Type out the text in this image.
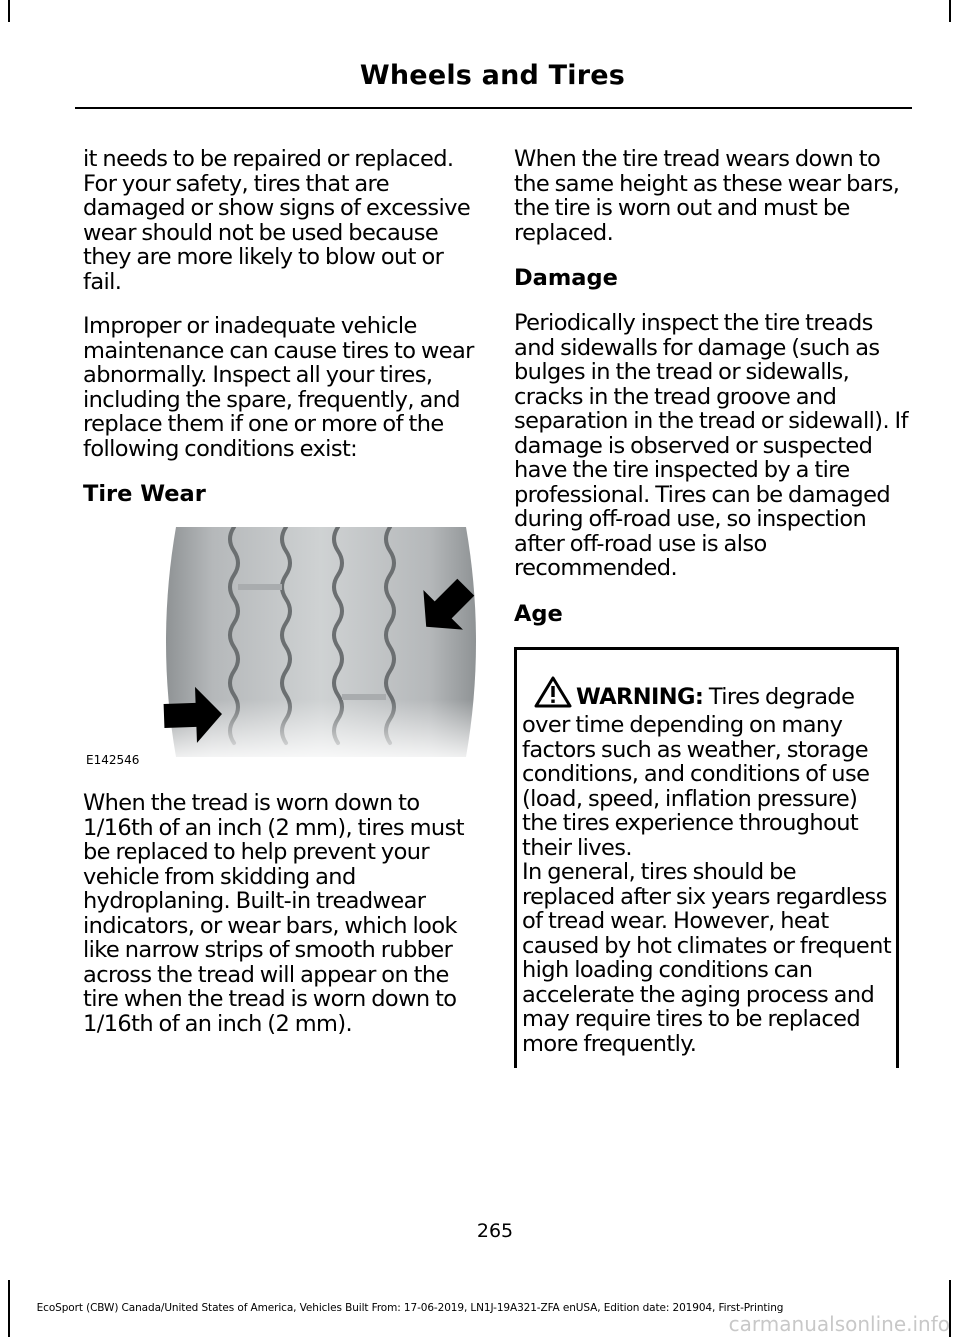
Wheels and Tires

it needs to be repaired or replaced. For your safety, tires that are damaged or show signs of excessive wear should not be used because they are more likely to blow out or fail.

Improper or inadequate vehicle maintenance can cause tires to wear abnormally. Inspect all your tires, including the spare, frequently, and replace them if one or more of the following conditions exist:

Tire Wear
E142546

When the tread is worn down to 1/16th of an inch (2 mm), tires must be replaced to help prevent your vehicle from skidding and hydroplaning. Built-in treadwear indicators, or wear bars, which look like narrow strips of smooth rubber across the tread will appear on the tire when the tread is worn down to 1/16th of an inch (2 mm).

When the tire tread wears down to the same height as these wear bars, the tire is worn out and must be replaced.

Damage

Periodically inspect the tire treads and sidewalls for damage (such as bulges in the tread or sidewalls, cracks in the tread groove and separation in the tread or sidewall). If damage is observed or suspected have the tire inspected by a tire professional. Tires can be damaged during off-road use, so inspection after off-road use is also recommended.

Age

WARNING: Tires degrade over time depending on many factors such as weather, storage conditions, and conditions of use (load, speed, inflation pressure) the tires experience throughout their lives.

In general, tires should be replaced after six years regardless of tread wear. However, heat caused by hot climates or frequent high loading conditions can accelerate the aging process and may require tires to be replaced more frequently.

265
EcoSport (CBW) Canada/United States of America, Vehicles Built From: 17-06-2019, LN1J-19A321-ZFA enUSA, Edition date: 201904, First-Printing
carmanualsonline.info
